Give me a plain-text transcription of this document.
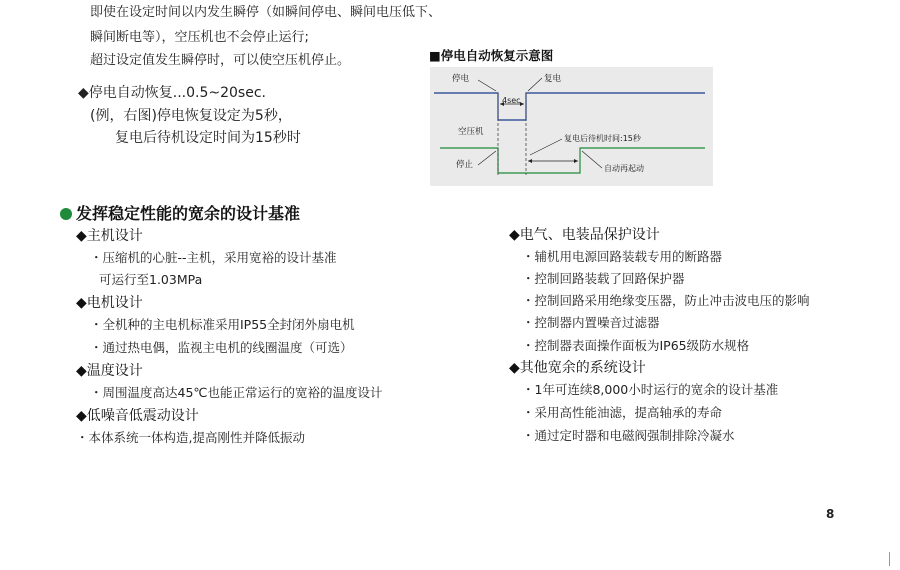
即使在设定时间以内发生瞬停（如瞬间停电、瞬间电压低下、
瞬间断电等），空压机也不会停止运行;
超过设定值发生瞬停时，可以使空压机停止。
◆停电自动恢复...0.5~20sec.
(例，右图)停电恢复设定为5秒，
复电后待机设定时间为15秒时
■停电自动恢复示意图
4sec
停电	复电
空压机
停止
复电后待机时间:15秒
自动再起动
发挥稳定性能的宽余的设计基准
◆主机设计
・压缩机的心脏--主机，采用宽裕的设计基准
可运行至1.03MPa
◆电机设计
・全机种的主电机标准采用IP55全封闭外扇电机
・通过热电偶，监视主电机的线圈温度（可选）
◆温度设计
・周围温度高达45℃也能正常运行的宽裕的温度设计
◆低噪音低震动设计
・本体系统一体构造,提高刚性并降低振动
◆电气、电装品保护设计
・辅机用电源回路装载专用的断路器
・控制回路装载了回路保护器
・控制回路采用绝缘变压器，防止冲击波电压的影响
・控制器内置噪音过滤器
・控制器表面操作面板为IP65级防水规格
◆其他宽余的系统设计
・1年可连续8,000小时运行的宽余的设计基准
・采用高性能油滤，提高轴承的寿命
・通过定时器和电磁阀强制排除冷凝水
8
